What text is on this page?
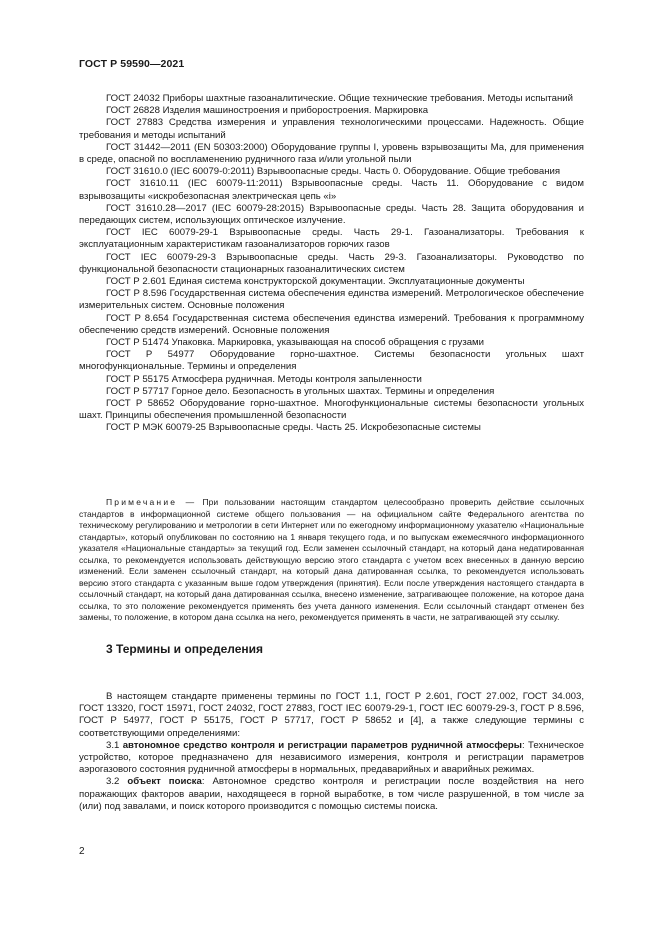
ГОСТ Р 59590—2021

ГОСТ 24032 Приборы шахтные газоаналитические. Общие технические требования. Методы испытаний

ГОСТ 26828 Изделия машиностроения и приборостроения. Маркировка

ГОСТ 27883 Средства измерения и управления технологическими процессами. Надежность. Общие требования и методы испытаний

ГОСТ 31442—2011 (EN 50303:2000) Оборудование группы I, уровень взрывозащиты Ма, для применения в среде, опасной по воспламенению рудничного газа и/или угольной пыли

ГОСТ 31610.0 (IEC 60079-0:2011) Взрывоопасные среды. Часть 0. Оборудование. Общие требования

ГОСТ 31610.11 (IEC 60079-11:2011) Взрывоопасные среды. Часть 11. Оборудование с видом взрывозащиты «искробезопасная электрическая цепь «i»

ГОСТ 31610.28—2017 (IEC 60079-28:2015) Взрывоопасные среды. Часть 28. Защита оборудования и передающих систем, использующих оптическое излучение.

ГОСТ IEC 60079-29-1 Взрывоопасные среды. Часть 29-1. Газоанализаторы. Требования к эксплуатационным характеристикам газоанализаторов горючих газов

ГОСТ IEC 60079-29-3 Взрывоопасные среды. Часть 29-3. Газоанализаторы. Руководство по функциональной безопасности стационарных газоаналитических систем

ГОСТ Р 2.601 Единая система конструкторской документации. Эксплуатационные документы

ГОСТ Р 8.596 Государственная система обеспечения единства измерений. Метрологическое обеспечение измерительных систем. Основные положения

ГОСТ Р 8.654 Государственная система обеспечения единства измерений. Требования к программному обеспечению средств измерений. Основные положения

ГОСТ Р 51474 Упаковка. Маркировка, указывающая на способ обращения с грузами

ГОСТ Р 54977 Оборудование горно-шахтное. Системы безопасности угольных шахт многофункциональные. Термины и определения

ГОСТ Р 55175 Атмосфера рудничная. Методы контроля запыленности

ГОСТ Р 57717 Горное дело. Безопасность в угольных шахтах. Термины и определения

ГОСТ Р 58652 Оборудование горно-шахтное. Многофункциональные системы безопасности угольных шахт. Принципы обеспечения промышленной безопасности

ГОСТ Р МЭК 60079-25 Взрывоопасные среды. Часть 25. Искробезопасные системы

Примечание — При пользовании настоящим стандартом целесообразно проверить действие ссылочных стандартов в информационной системе общего пользования — на официальном сайте Федерального агентства по техническому регулированию и метрологии в сети Интернет или по ежегодному информационному указателю «Национальные стандарты», который опубликован по состоянию на 1 января текущего года, и по выпускам ежемесячного информационного указателя «Национальные стандарты» за текущий год. Если заменен ссылочный стандарт, на который дана недатированная ссылка, то рекомендуется использовать действующую версию этого стандарта с учетом всех внесенных в данную версию изменений. Если заменен ссылочный стандарт, на который дана датированная ссылка, то рекомендуется использовать версию этого стандарта с указанным выше годом утверждения (принятия). Если после утверждения настоящего стандарта в ссылочный стандарт, на который дана датированная ссылка, внесено изменение, затрагивающее положение, на которое дана ссылка, то это положение рекомендуется применять без учета данного изменения. Если ссылочный стандарт отменен без замены, то положение, в котором дана ссылка на него, рекомендуется применять в части, не затрагивающей эту ссылку.

3 Термины и определения

В настоящем стандарте применены термины по ГОСТ 1.1, ГОСТ Р 2.601, ГОСТ 27.002, ГОСТ 34.003, ГОСТ 13320, ГОСТ 15971, ГОСТ 24032, ГОСТ 27883, ГОСТ IEC 60079-29-1, ГОСТ IEC 60079-29-3, ГОСТ Р 8.596, ГОСТ Р 54977, ГОСТ Р 55175, ГОСТ Р 57717, ГОСТ Р 58652 и [4], а также следующие термины с соответствующими определениями:

3.1 автономное средство контроля и регистрации параметров рудничной атмосферы: Техническое устройство, которое предназначено для независимого измерения, контроля и регистрации параметров аэрогазового состояния рудничной атмосферы в нормальных, предаварийных и аварийных режимах.

3.2 объект поиска: Автономное средство контроля и регистрации после воздействия на него поражающих факторов аварии, находящееся в горной выработке, в том числе разрушенной, в том числе за (или) под завалами, и поиск которого производится с помощью системы поиска.

2
